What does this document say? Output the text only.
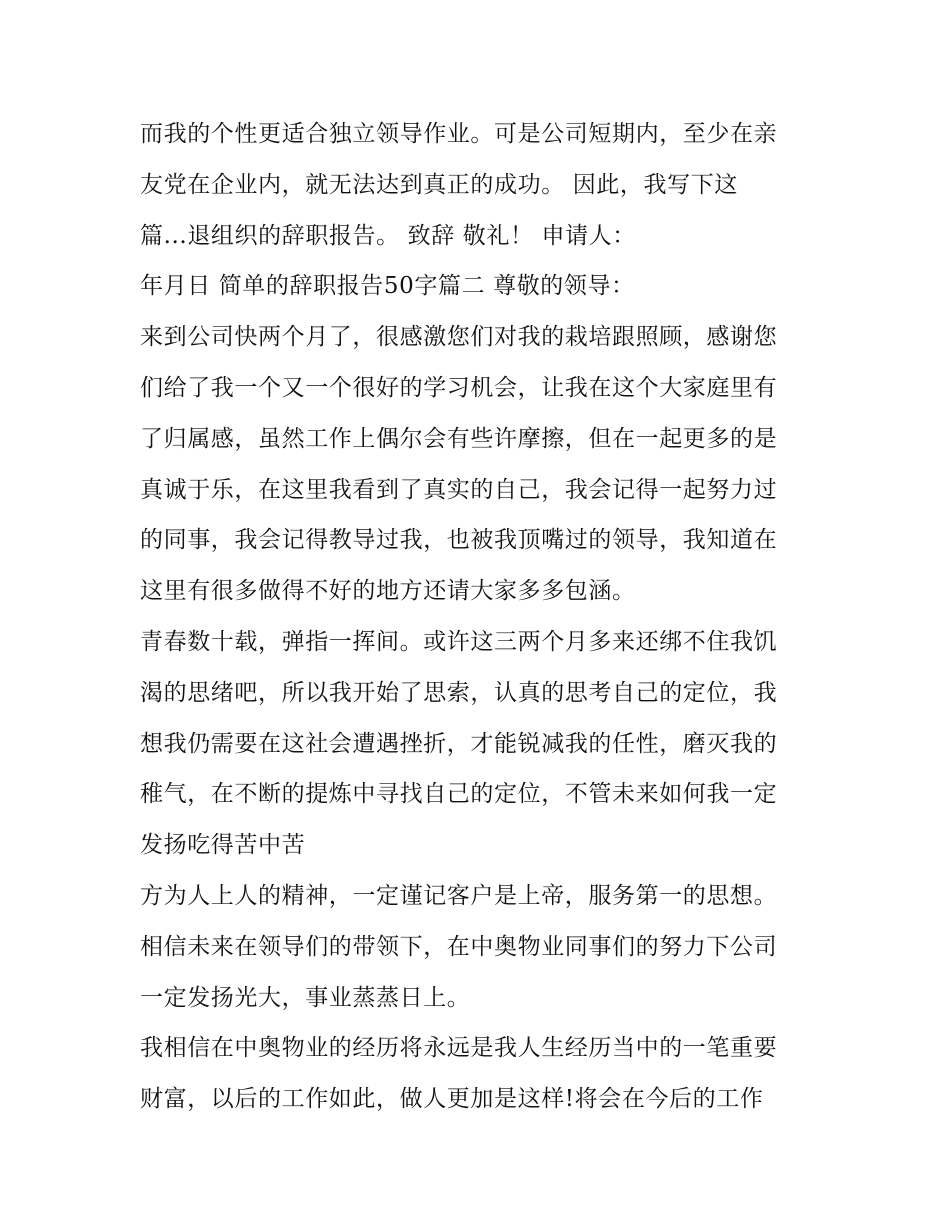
而我的个性更适合独立领导作业。可是公司短期内，至少在亲
友党在企业内，就无法达到真正的成功。 因此，我写下这
篇...退组织的辞职报告。 致辞 敬礼！ 申请人：
年月日 简单的辞职报告50字篇二 尊敬的领导：
来到公司快两个月了，很感激您们对我的栽培跟照顾，感谢您
们给了我一个又一个很好的学习机会，让我在这个大家庭里有
了归属感，虽然工作上偶尔会有些许摩擦，但在一起更多的是
真诚于乐，在这里我看到了真实的自己，我会记得一起努力过
的同事，我会记得教导过我，也被我顶嘴过的领导，我知道在
这里有很多做得不好的地方还请大家多多包涵。
青春数十载，弹指一挥间。或许这三两个月多来还绑不住我饥
渴的思绪吧，所以我开始了思索，认真的思考自己的定位，我
想我仍需要在这社会遭遇挫折，才能锐减我的任性，磨灭我的
稚气，在不断的提炼中寻找自己的定位，不管未来如何我一定
发扬吃得苦中苦
方为人上人的精神，一定谨记客户是上帝，服务第一的思想。
相信未来在领导们的带领下，在中奥物业同事们的努力下公司
一定发扬光大，事业蒸蒸日上。
我相信在中奥物业的经历将永远是我人生经历当中的一笔重要
财富，以后的工作如此，做人更加是这样!将会在今后的工作
